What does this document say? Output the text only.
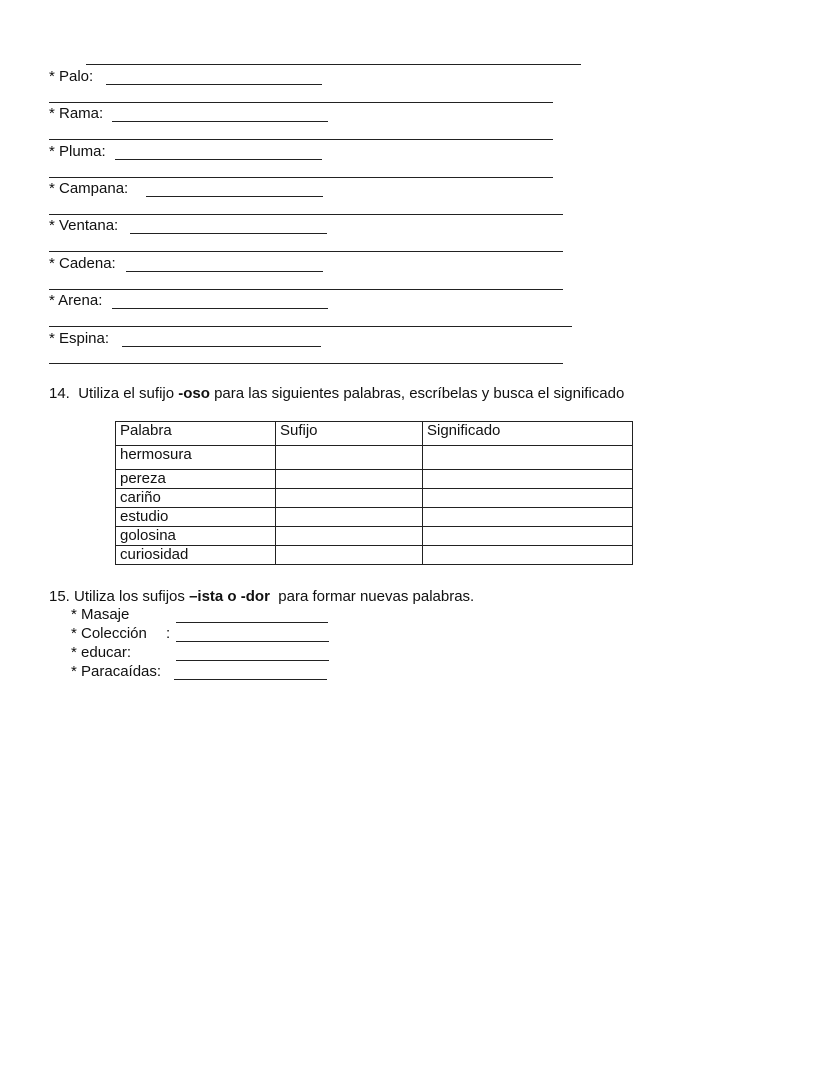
* Palo:
* Rama:
* Pluma:
* Campana:
* Ventana:
* Cadena:
* Arena:
* Espina:
14. Utiliza el sufijo -oso para las siguientes palabras, escríbelas y busca el significado
Palabra	Sufijo	Significado
hermosura		
pereza		
cariño		
estudio		
golosina		
curiosidad		
15. Utiliza los sufijos –ista o -dor  para formar nuevas palabras.
* Masaje
* Colección :
* educar:
* Paracaídas:
